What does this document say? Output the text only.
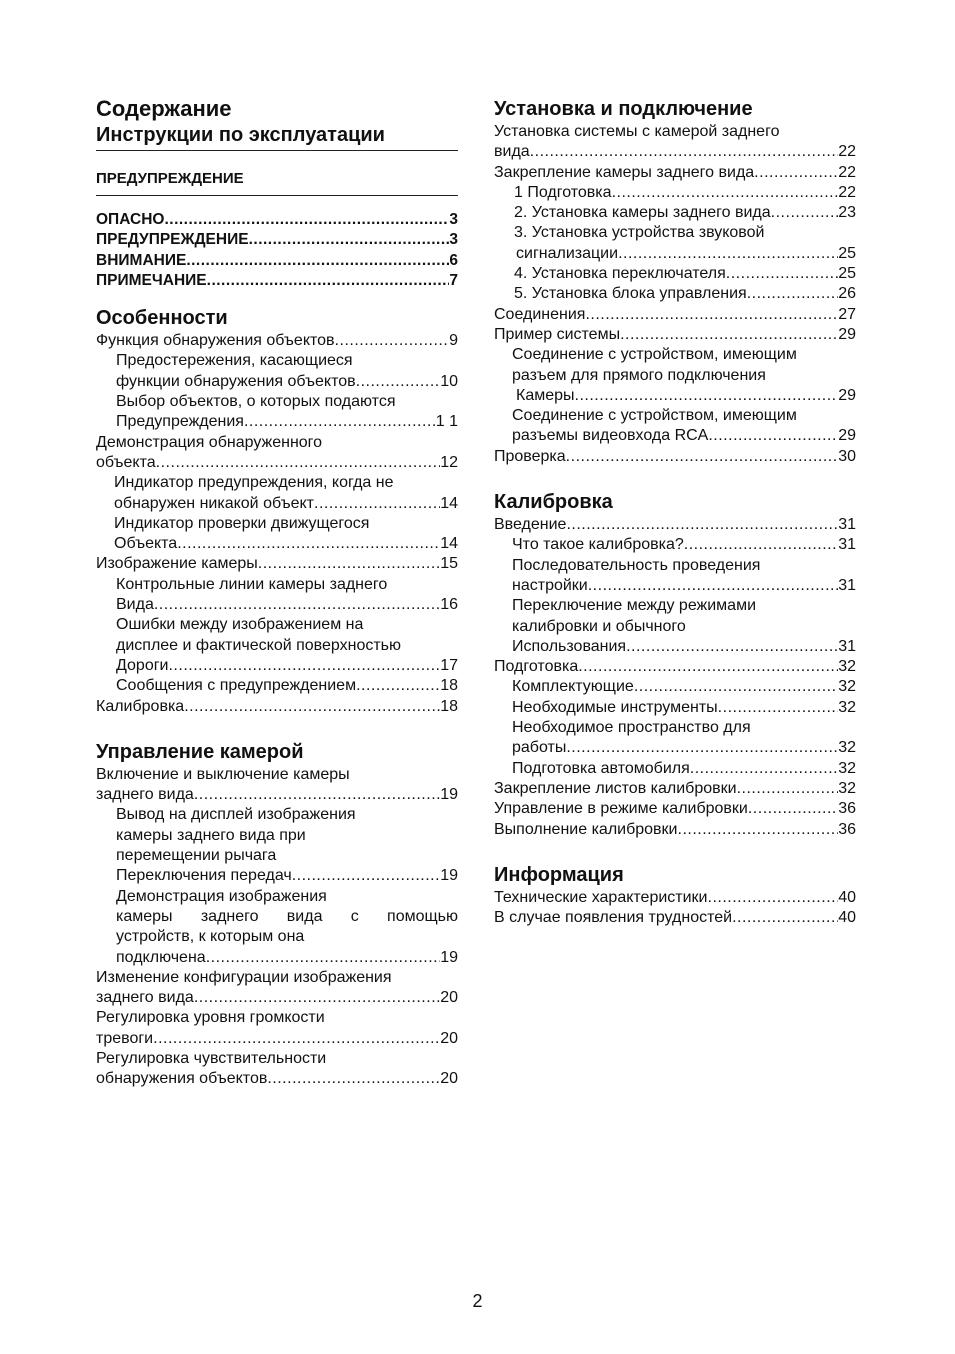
Содержание
Инструкции по эксплуатации
ПРЕДУПРЕЖДЕНИЕ
ОПАСНО .....	3
ПРЕДУПРЕЖДЕНИЕ .....	3
ВНИМАНИЕ .....	6
ПРИМЕЧАНИЕ .....	7
Особенности
Функция обнаружения объектов .....	9
Предостережения, касающиеся
функции обнаружения объектов .....	10
Выбор объектов, о которых подаются
Предупреждения .....	1 1
Демонстрация обнаруженного
объекта .....	12
Индикатор предупреждения, когда не
обнаружен никакой объект .....	14
Индикатор проверки движущегося
Объекта .....	14
Изображение камеры .....	15
Контрольные линии камеры заднего
Вида .....	16
Ошибки между изображением на
дисплее и фактической поверхностью
Дороги .....	17
Сообщения с предупреждением .....	18
Калибровка .....	18
Управление камерой
Включение и выключение камеры
заднего вида .....	19
Вывод на дисплей изображения
камеры заднего вида при
перемещении рычага
Переключения передач .....	19
Демонстрация изображения
камеры заднего вида с помощью
устройств, к которым она
подключена .....	19
Изменение конфигурации изображения
заднего вида .....	20
Регулировка уровня громкости
тревоги .....	20
Регулировка чувствительности
обнаружения объектов .....	20
Установка и подключение
Установка системы с камерой заднего
вида .....	22
Закрепление камеры заднего вида .....	22
1 Подготовка .....	22
2. Установка камеры заднего вида .....	23
3. Установка устройства звуковой
сигнализации .....	25
4. Установка переключателя .....	25
5. Установка блока управления .....	26
Соединения .....	27
Пример системы .....	29
Соединение с устройством, имеющим
разъем для прямого подключения
Камеры .....	29
Соединение с устройством, имеющим
разъемы видеовхода RCA .....	29
Проверка .....	30
Калибровка
Введение .....	31
Что такое калибровка? .....	31
Последовательность проведения
настройки .....	31
Переключение между режимами
калибровки и обычного
Использования .....	31
Подготовка .....	32
Комплектующие .....	32
Необходимые инструменты .....	32
Необходимое пространство для
работы .....	32
Подготовка автомобиля .....	32
Закрепление листов калибровки .....	32
Управление в режиме калибровки .....	36
Выполнение калибровки .....	36
Информация
Технические характеристики .....	40
В случае появления трудностей .....	40
2
